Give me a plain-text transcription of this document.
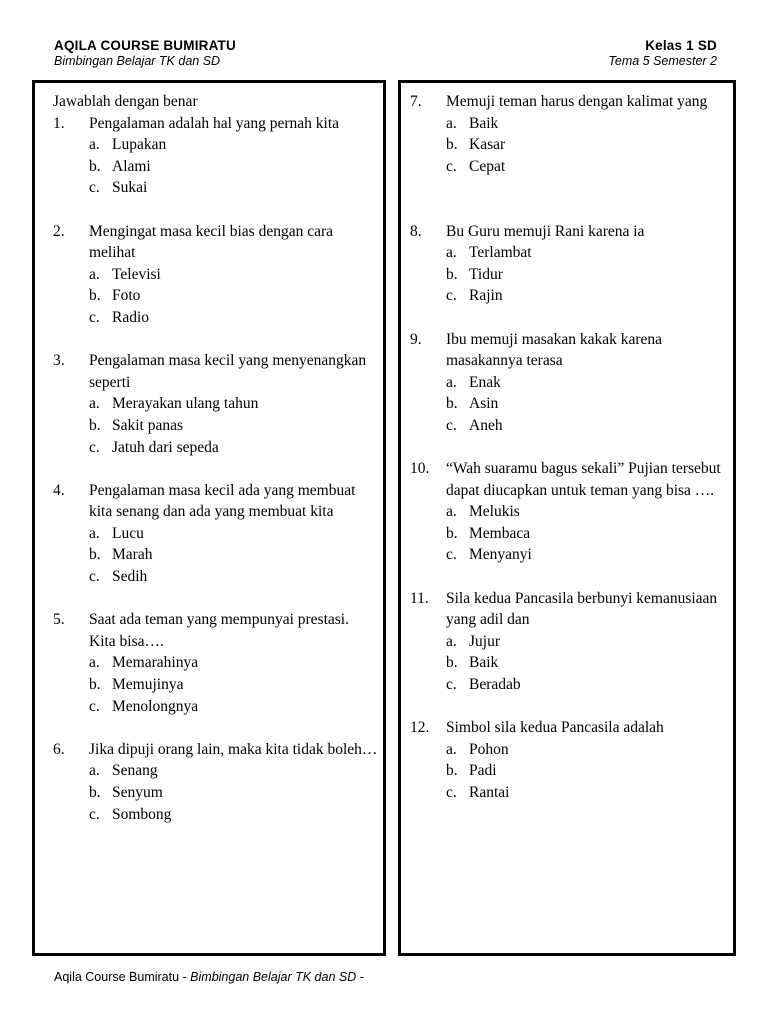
AQILA COURSE BUMIRATU
Bimbingan Belajar TK dan SD
Kelas 1 SD
Tema 5 Semester 2

Jawablah dengan benar

1.	Pengalaman adalah hal yang pernah kita
a. Lupakan
b. Alami
c. Sukai
2.	Mengingat masa kecil bias dengan cara melihat
a. Televisi
b. Foto
c. Radio
3.	Pengalaman masa kecil yang menyenangkan seperti
a. Merayakan ulang tahun
b. Sakit panas
c. Jatuh dari sepeda
4.	Pengalaman masa kecil ada yang membuat kita senang dan ada yang membuat kita
a. Lucu
b. Marah
c. Sedih
5.	Saat ada teman yang mempunyai prestasi. Kita bisa….
a. Memarahinya
b. Memujinya
c. Menolongnya
6.	Jika dipuji orang lain, maka kita tidak boleh…
a. Senang
b. Senyum
c. Sombong
7.	Memuji teman harus dengan kalimat yang
a. Baik
b. Kasar
c. Cepat
8.	Bu Guru memuji Rani karena ia
a. Terlambat
b. Tidur
c. Rajin
9.	Ibu memuji masakan kakak karena masakannya terasa
a. Enak
b. Asin
c. Aneh
10.	“Wah suaramu bagus sekali” Pujian tersebut dapat diucapkan untuk teman yang bisa ….
a. Melukis
b. Membaca
c. Menyanyi
11.	Sila kedua Pancasila berbunyi kemanusiaan yang adil dan
a. Jujur
b. Baik
c. Beradab
12.	Simbol sila kedua Pancasila adalah
a. Pohon
b. Padi
c. Rantai
Aqila Course Bumiratu - Bimbingan Belajar TK dan SD -
